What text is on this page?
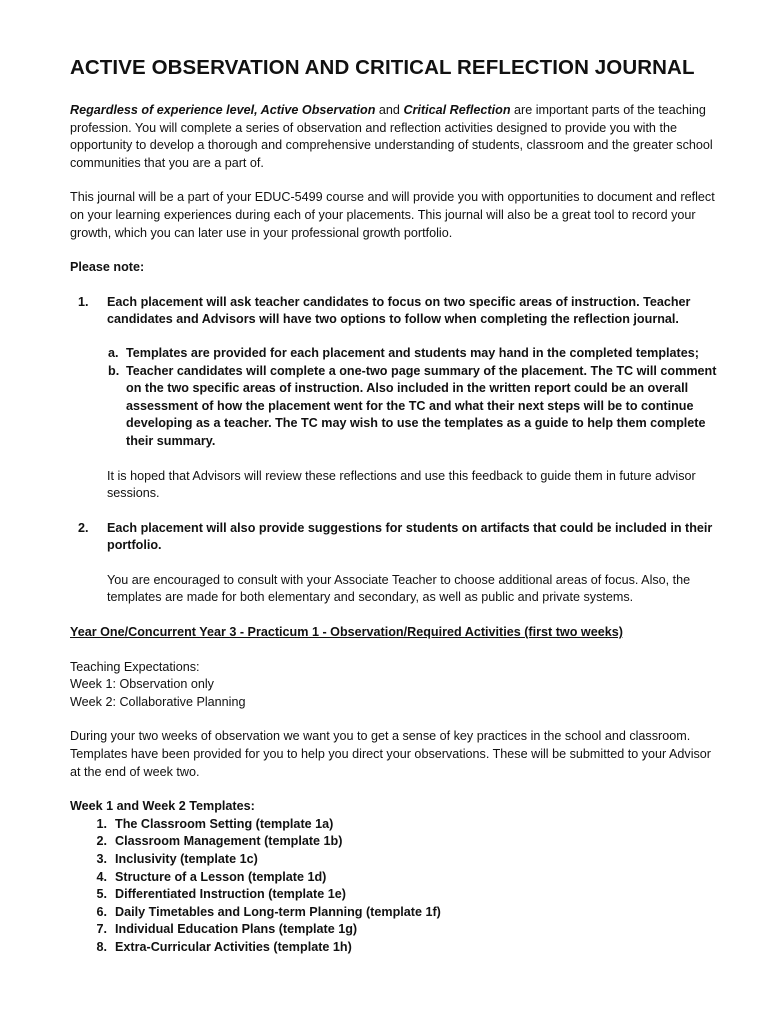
ACTIVE OBSERVATION AND CRITICAL REFLECTION JOURNAL

Regardless of experience level, Active Observation and Critical Reflection are important parts of the teaching profession. You will complete a series of observation and reflection activities designed to provide you with the opportunity to develop a thorough and comprehensive understanding of students, classroom and the greater school communities that you are a part of.

This journal will be a part of your EDUC-5499 course and will provide you with opportunities to document and reflect on your learning experiences during each of your placements. This journal will also be a great tool to record your growth, which you can later use in your professional growth portfolio.

Please note:

1.	Each placement will ask teacher candidates to focus on two specific areas of instruction. Teacher candidates and Advisors will have two options to follow when completing the reflection journal.

a. Templates are provided for each placement and students may hand in the completed templates;
b. Teacher candidates will complete a one-two page summary of the placement. The TC will comment on the two specific areas of instruction. Also included in the written report could be an overall assessment of how the placement went for the TC and what their next steps will be to continue developing as a teacher. The TC may wish to use the templates as a guide to help them complete their summary.

It is hoped that Advisors will review these reflections and use this feedback to guide them in future advisor sessions.

2.	Each placement will also provide suggestions for students on artifacts that could be included in their portfolio.

You are encouraged to consult with your Associate Teacher to choose additional areas of focus. Also, the templates are made for both elementary and secondary, as well as public and private systems.

Year One/Concurrent Year 3 - Practicum 1 - Observation/Required Activities (first two weeks)

Teaching Expectations:

Week 1: Observation only

Week 2: Collaborative Planning

During your two weeks of observation we want you to get a sense of key practices in the school and classroom. Templates have been provided for you to help you direct your observations. These will be submitted to your Advisor at the end of week two.

Week 1 and Week 2 Templates:

1. The Classroom Setting (template 1a)
2. Classroom Management (template 1b)
3. Inclusivity (template 1c)
4. Structure of a Lesson (template 1d)
5. Differentiated Instruction (template 1e)
6. Daily Timetables and Long-term Planning (template 1f)
7. Individual Education Plans (template 1g)
8. Extra-Curricular Activities (template 1h)
